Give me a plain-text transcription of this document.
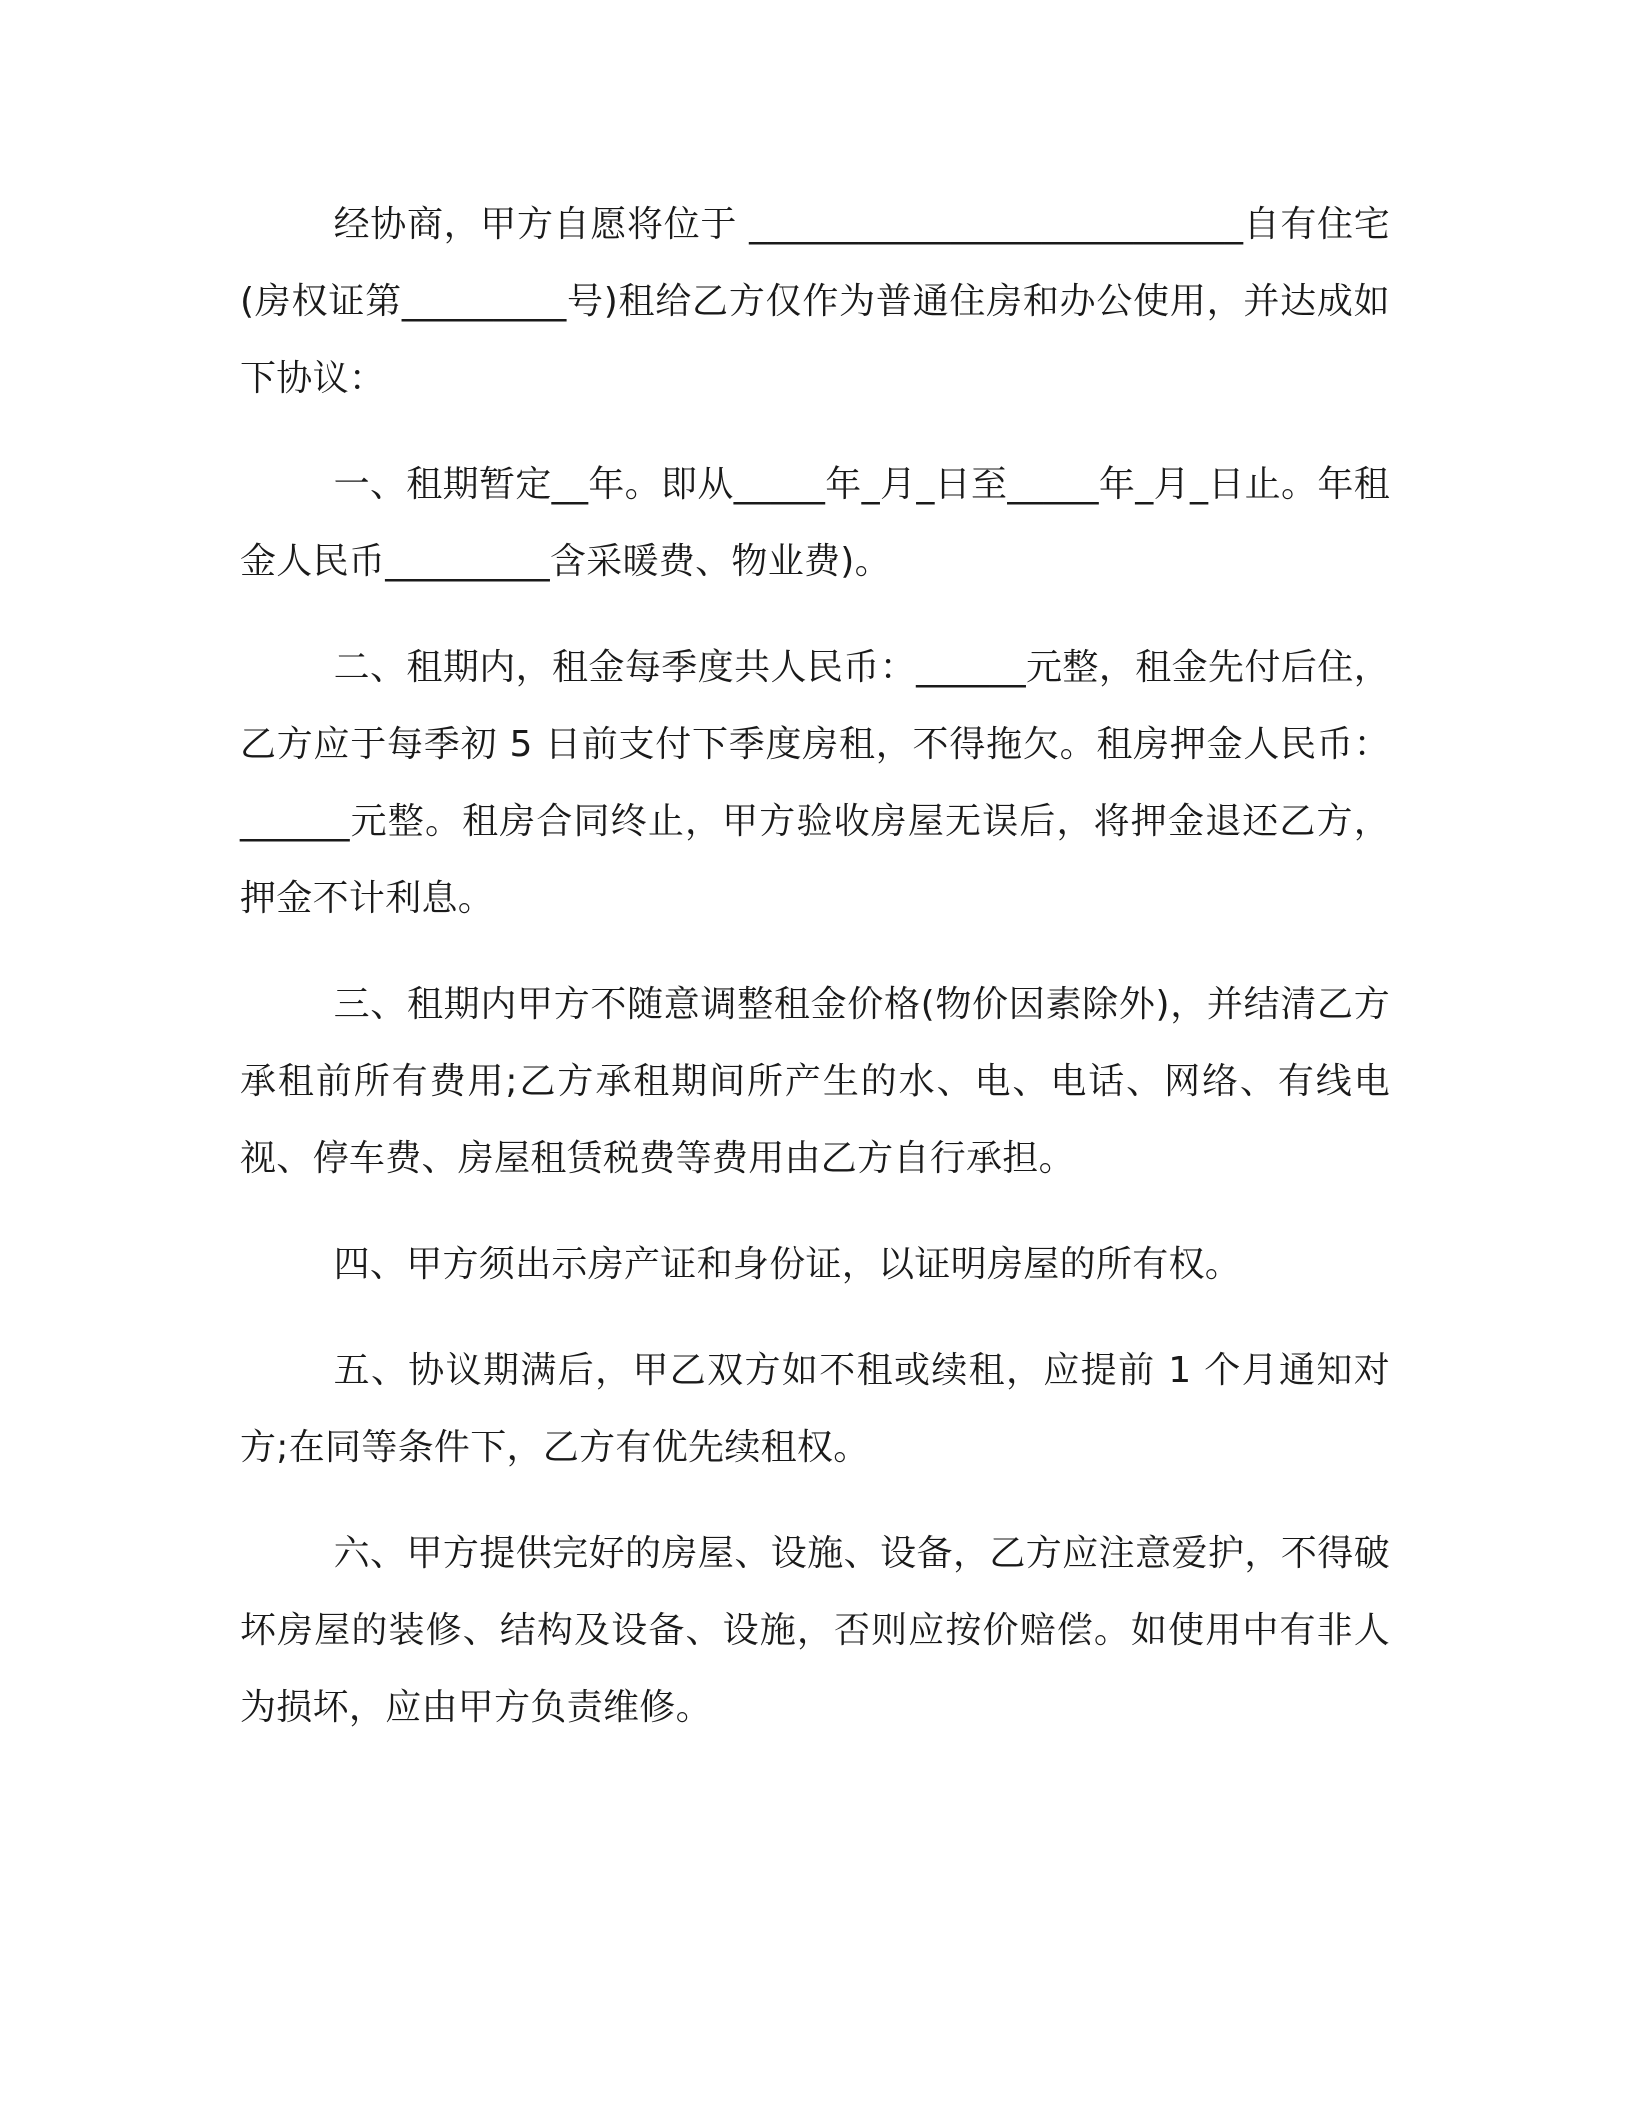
经协商，甲方自愿将位于 ___________________________自有住宅(房权证第_________号)租给乙方仅作为普通住房和办公使用，并达成如下协议：

一、租期暂定__年。即从_____年_月_日至_____年_月_日止。年租金人民币_________含采暖费、物业费)。

二、租期内，租金每季度共人民币：______元整，租金先付后住，乙方应于每季初 5 日前支付下季度房租，不得拖欠。租房押金人民币：______元整。租房合同终止，甲方验收房屋无误后，将押金退还乙方，押金不计利息。

三、租期内甲方不随意调整租金价格(物价因素除外)，并结清乙方承租前所有费用;乙方承租期间所产生的水、电、电话、网络、有线电视、停车费、房屋租赁税费等费用由乙方自行承担。

四、甲方须出示房产证和身份证，以证明房屋的所有权。

五、协议期满后，甲乙双方如不租或续租，应提前 1 个月通知对方;在同等条件下，乙方有优先续租权。

六、甲方提供完好的房屋、设施、设备，乙方应注意爱护，不得破坏房屋的装修、结构及设备、设施，否则应按价赔偿。如使用中有非人为损坏，应由甲方负责维修。
